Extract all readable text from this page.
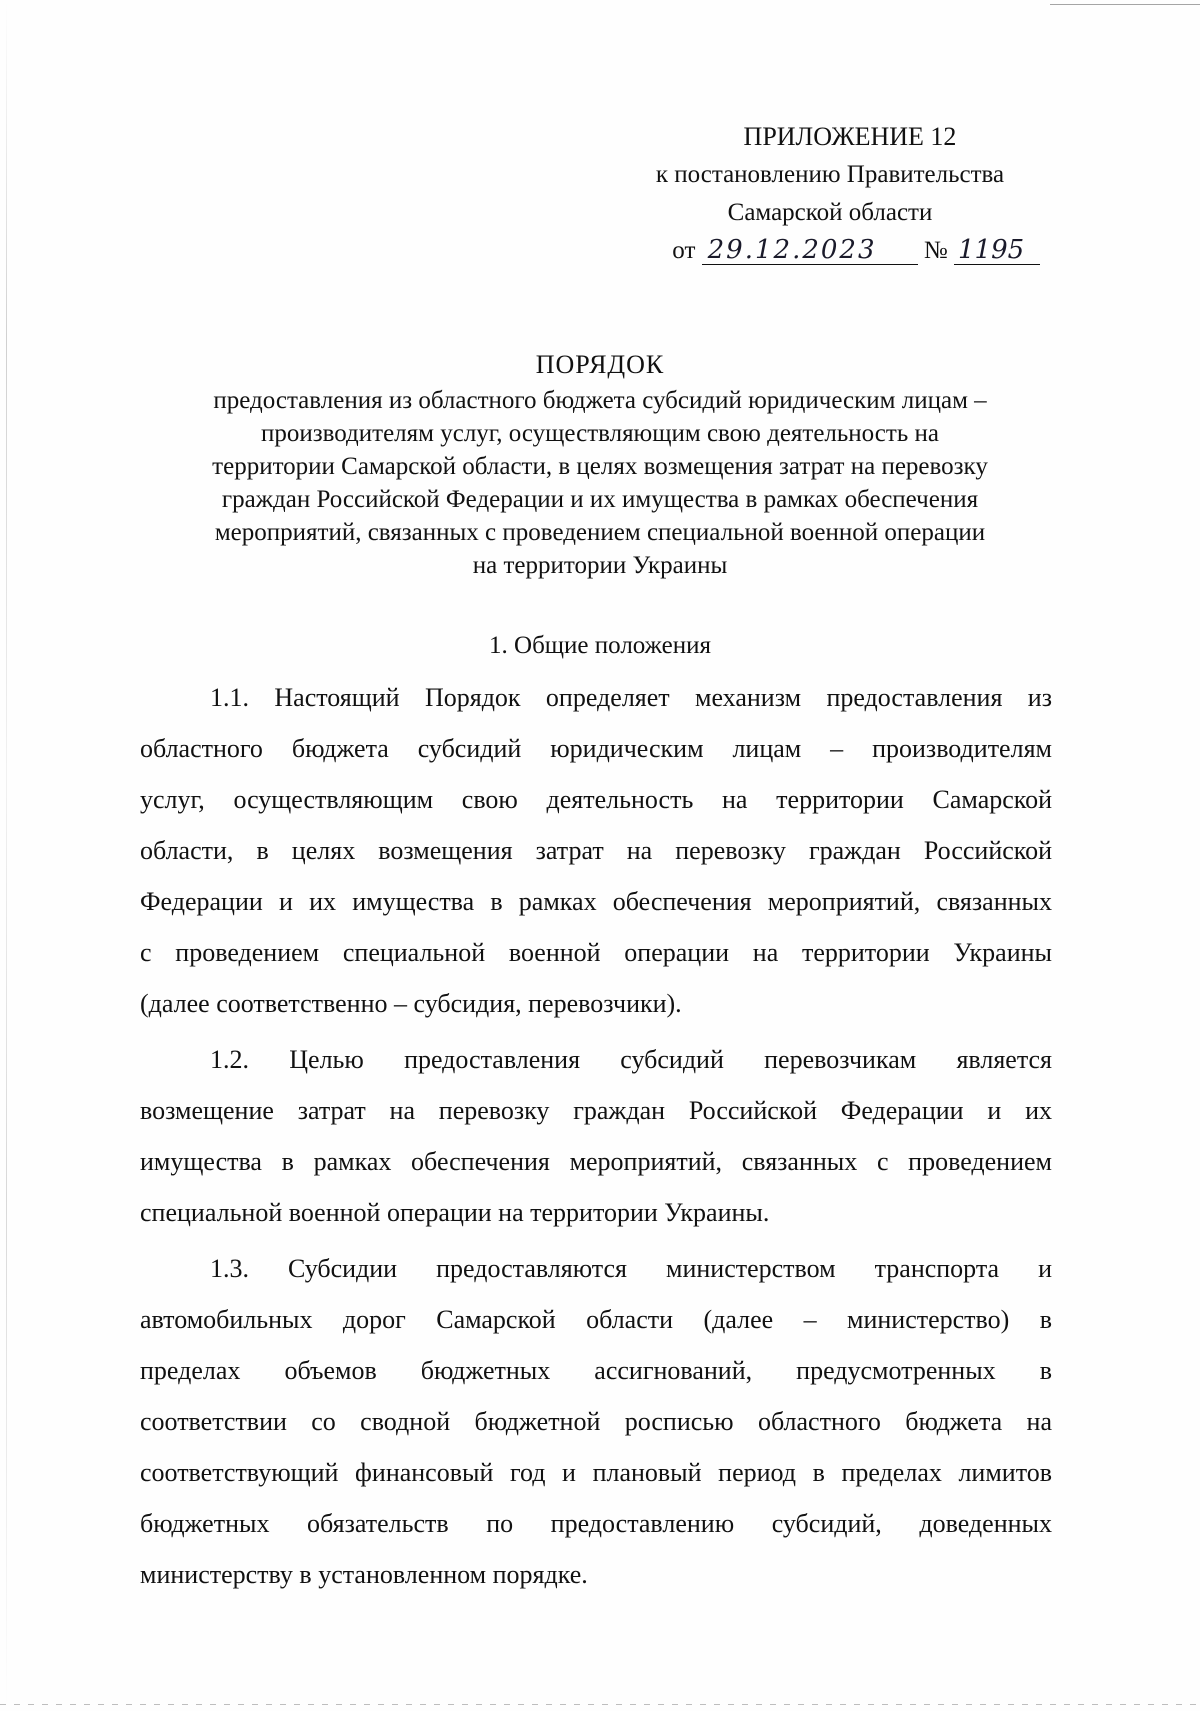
ПРИЛОЖЕНИЕ 12
к постановлению Правительства
Самарской области
от 29.12.2023 № 1195
ПОРЯДОК
предоставления из областного бюджета субсидий юридическим лицам –
производителям услуг, осуществляющим свою деятельность на
территории Самарской области, в целях возмещения затрат на перевозку
граждан Российской Федерации и их имущества в рамках обеспечения
мероприятий, связанных с проведением специальной военной операции
на территории Украины
1. Общие положения
1.1. Настоящий Порядок определяет механизм предоставления из
областного бюджета субсидий юридическим лицам – производителям
услуг, осуществляющим свою деятельность на территории Самарской
области, в целях возмещения затрат на перевозку граждан Российской
Федерации и их имущества в рамках обеспечения мероприятий, связанных
с проведением специальной военной операции на территории Украины
(далее соответственно – субсидия, перевозчики).
1.2. Целью предоставления субсидий перевозчикам является
возмещение затрат на перевозку граждан Российской Федерации и их
имущества в рамках обеспечения мероприятий, связанных с проведением
специальной военной операции на территории Украины.
1.3. Субсидии предоставляются министерством транспорта и
автомобильных дорог Самарской области (далее – министерство) в
пределах объемов бюджетных ассигнований, предусмотренных в
соответствии со сводной бюджетной росписью областного бюджета на
соответствующий финансовый год и плановый период в пределах лимитов
бюджетных обязательств по предоставлению субсидий, доведенных
министерству в установленном порядке.
